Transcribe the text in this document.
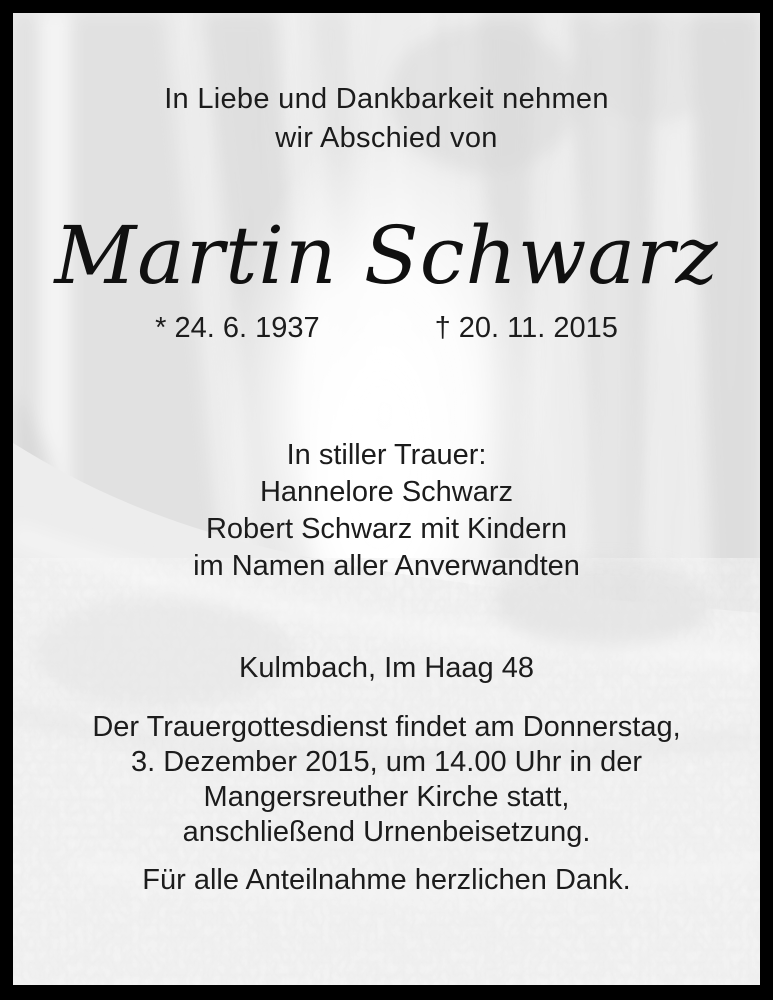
In Liebe und Dankbarkeit nehmen
wir Abschied von
Martin Schwarz
* 24. 6. 1937	† 20. 11. 2015
In stiller Trauer:
Hannelore Schwarz
Robert Schwarz mit Kindern
im Namen aller Anverwandten
Kulmbach, Im Haag 48
Der Trauergottesdienst findet am Donnerstag,
3. Dezember 2015, um 14.00 Uhr in der
Mangersreuther Kirche statt,
anschließend Urnenbeisetzung.
Für alle Anteilnahme herzlichen Dank.
